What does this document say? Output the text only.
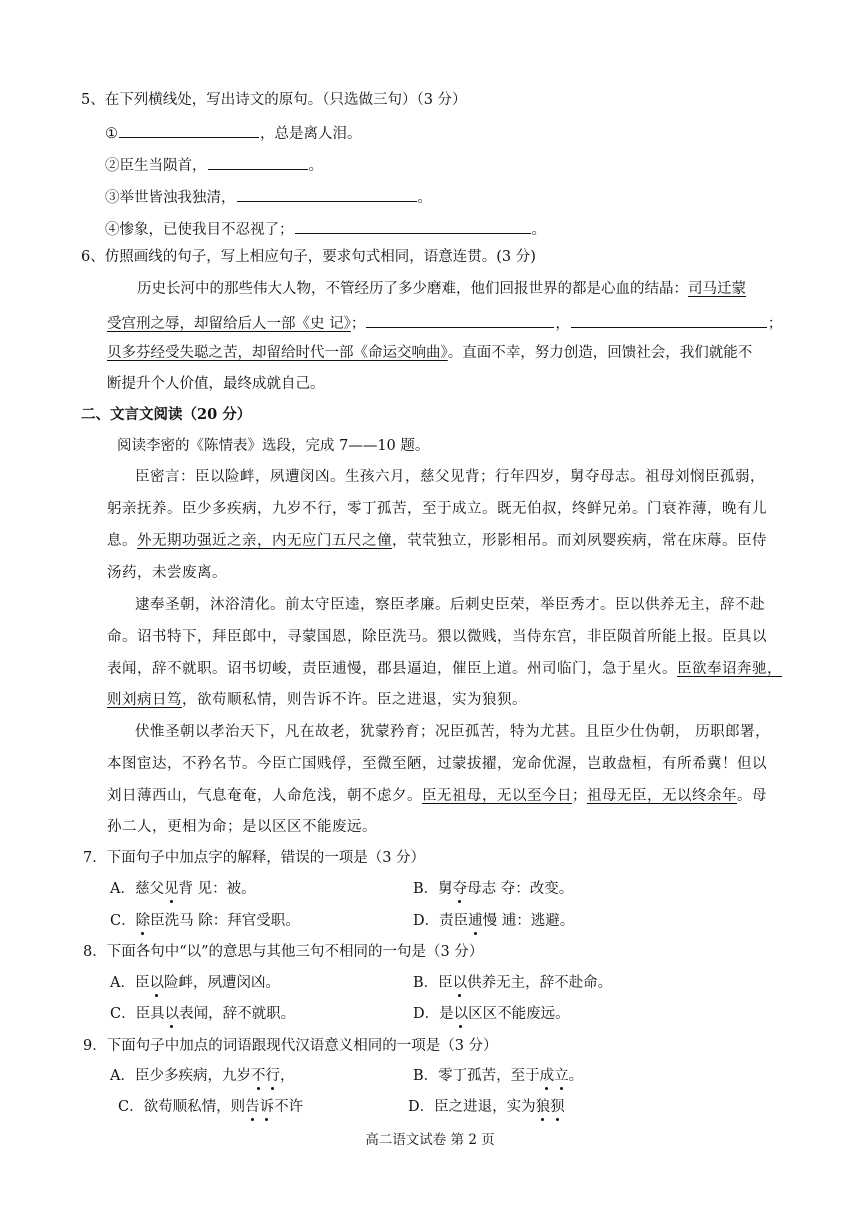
5、在下列横线处，写出诗文的原句。（只选做三句）（3 分）
①	，总是离人泪。
②臣生当陨首，	。
③举世皆浊我独清，	。
④惨象，已使我目不忍视了；	。
6、仿照画线的句子，写上相应句子，要求句式相同，语意连贯。(3 分)
历史长河中的那些伟大人物，不管经历了多少磨难，他们回报世界的都是心血的结晶：司马迁蒙
受宫刑之辱，却留给后人一部《史 记》；	，	；
贝多芬经受失聪之苦，却留给时代一部《命运交响曲》。直面不幸，努力创造，回馈社会，我们就能不
断提升个人价值，最终成就自己。
二、文言文阅读（20 分）
阅读李密的《陈情表》选段，完成 7——10 题。
臣密言：臣以险衅，夙遭闵凶。生孩六月，慈父见背；行年四岁，舅夺母志。祖母刘悯臣孤弱，
躬亲抚养。臣少多疾病，九岁不行，零丁孤苦，至于成立。既无伯叔，终鲜兄弟。门衰祚薄，晚有儿
息。外无期功强近之亲，内无应门五尺之僮，茕茕独立，形影相吊。而刘夙婴疾病，常在床蓐。臣侍
汤药，未尝废离。
逮奉圣朝，沐浴清化。前太守臣逵，察臣孝廉。后刺史臣荣，举臣秀才。臣以供养无主，辞不赴
命。诏书特下，拜臣郎中，寻蒙国恩，除臣洗马。猥以微贱，当侍东宫，非臣陨首所能上报。臣具以
表闻，辞不就职。诏书切峻，责臣逋慢，郡县逼迫，催臣上道。州司临门，急于星火。臣欲奉诏奔驰，
则刘病日笃，欲苟顺私情，则告诉不许。臣之进退，实为狼狈。
伏惟圣朝以孝治天下，凡在故老，犹蒙矜育；况臣孤苦，特为尤甚。且臣少仕伪朝， 历职郎署，
本图宦达，不矜名节。今臣亡国贱俘，至微至陋，过蒙拔擢，宠命优渥，岂敢盘桓，有所希冀！但以
刘日薄西山，气息奄奄，人命危浅，朝不虑夕。臣无祖母，无以至今日；祖母无臣，无以终余年。母
孙二人，更相为命；是以区区不能废远。
7．下面句子中加点字的解释，错误的一项是（3 分）
A．慈父见背 见：被。	B．舅夺母志 夺：改变。
C．除臣洗马 除：拜官受职。	D．责臣逋慢 逋：逃避。
8．下面各句中“以”的意思与其他三句不相同的一句是（3 分）
A．臣以险衅，夙遭闵凶。	B．臣以供养无主，辞不赴命。
C．臣具以表闻，辞不就职。	D．是以区区不能废远。
9．下面句子中加点的词语跟现代汉语意义相同的一项是（3 分）
A．臣少多疾病，九岁不行，	B．零丁孤苦，至于成立。
C．欲苟顺私情，则告诉不许	D．臣之进退，实为狼狈
高二语文试卷 第 2 页
